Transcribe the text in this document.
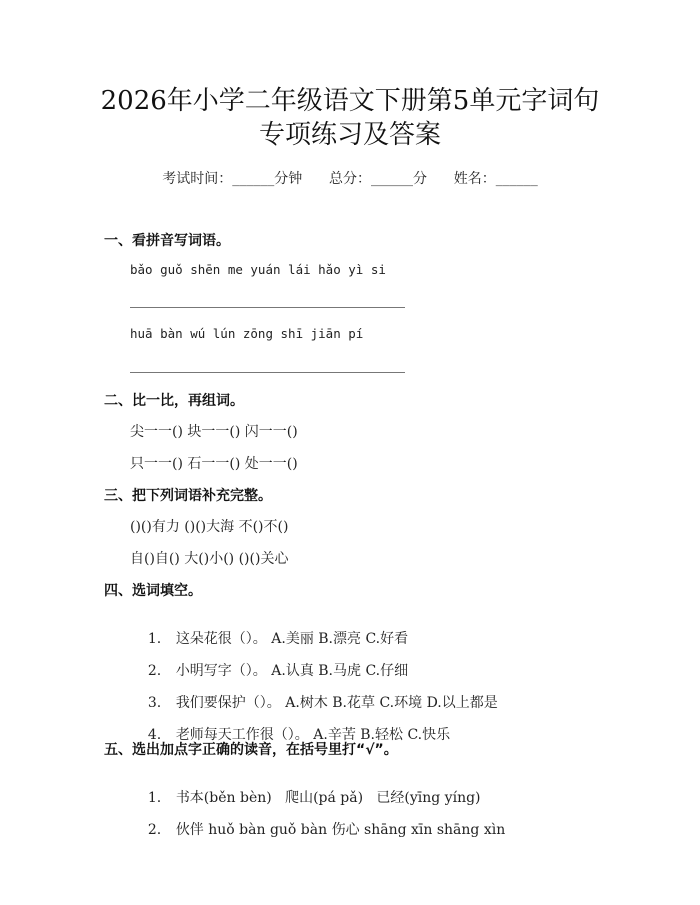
2026年小学二年级语文下册第5单元字词句
专项练习及答案
考试时间：______分钟 总分：______分 姓名：______
一、看拼音写词语。
bǎo guǒ shēn me yuán lái hǎo yì si
huā bàn wú lún zōng shī jiān pí
二、比一比，再组词。
尖一一() 块一一() 闪一一()
只一一() 石一一() 处一一()
三、把下列词语补充完整。
()()有力 ()()大海 不()不()
自()自() 大()小() ()()关心
四、选词填空。

1. 这朵花很（）。 A.美丽 B.漂亮 C.好看

2. 小明写字（）。 A.认真 B.马虎 C.仔细

3. 我们要保护（）。 A.树木 B.花草 C.环境 D.以上都是

4. 老师每天工作很（）。 A.辛苦 B.轻松 C.快乐

五、选出加点字正确的读音，在括号里打“√”。

1. 书本(běn bèn)   爬山(pá pǎ)   已经(yīng yíng)

2. 伙伴 huǒ bàn guǒ bàn 伤心 shāng xīn shāng xìn
